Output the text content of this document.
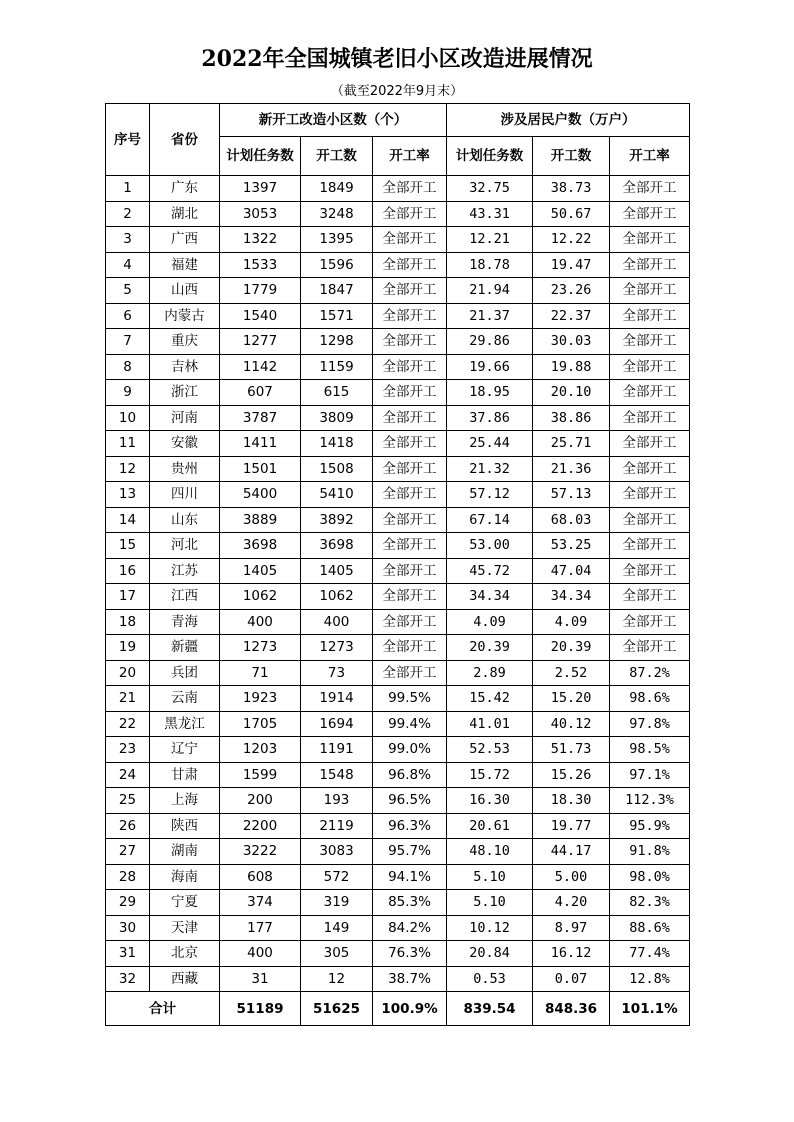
2022年全国城镇老旧小区改造进展情况
（截至2022年9月末）
序号	省份	新开工改造小区数（个）			涉及居民户数（万户）		
		计划任务数	开工数	开工率	计划任务数	开工数	开工率
1	广东	1397	1849	全部开工	32.75	38.73	全部开工
2	湖北	3053	3248	全部开工	43.31	50.67	全部开工
3	广西	1322	1395	全部开工	12.21	12.22	全部开工
4	福建	1533	1596	全部开工	18.78	19.47	全部开工
5	山西	1779	1847	全部开工	21.94	23.26	全部开工
6	内蒙古	1540	1571	全部开工	21.37	22.37	全部开工
7	重庆	1277	1298	全部开工	29.86	30.03	全部开工
8	吉林	1142	1159	全部开工	19.66	19.88	全部开工
9	浙江	607	615	全部开工	18.95	20.10	全部开工
10	河南	3787	3809	全部开工	37.86	38.86	全部开工
11	安徽	1411	1418	全部开工	25.44	25.71	全部开工
12	贵州	1501	1508	全部开工	21.32	21.36	全部开工
13	四川	5400	5410	全部开工	57.12	57.13	全部开工
14	山东	3889	3892	全部开工	67.14	68.03	全部开工
15	河北	3698	3698	全部开工	53.00	53.25	全部开工
16	江苏	1405	1405	全部开工	45.72	47.04	全部开工
17	江西	1062	1062	全部开工	34.34	34.34	全部开工
18	青海	400	400	全部开工	4.09	4.09	全部开工
19	新疆	1273	1273	全部开工	20.39	20.39	全部开工
20	兵团	71	73	全部开工	2.89	2.52	87.2%
21	云南	1923	1914	99.5%	15.42	15.20	98.6%
22	黑龙江	1705	1694	99.4%	41.01	40.12	97.8%
23	辽宁	1203	1191	99.0%	52.53	51.73	98.5%
24	甘肃	1599	1548	96.8%	15.72	15.26	97.1%
25	上海	200	193	96.5%	16.30	18.30	112.3%
26	陕西	2200	2119	96.3%	20.61	19.77	95.9%
27	湖南	3222	3083	95.7%	48.10	44.17	91.8%
28	海南	608	572	94.1%	5.10	5.00	98.0%
29	宁夏	374	319	85.3%	5.10	4.20	82.3%
30	天津	177	149	84.2%	10.12	8.97	88.6%
31	北京	400	305	76.3%	20.84	16.12	77.4%
32	西藏	31	12	38.7%	0.53	0.07	12.8%
合计		51189	51625	100.9%	839.54	848.36	101.1%
